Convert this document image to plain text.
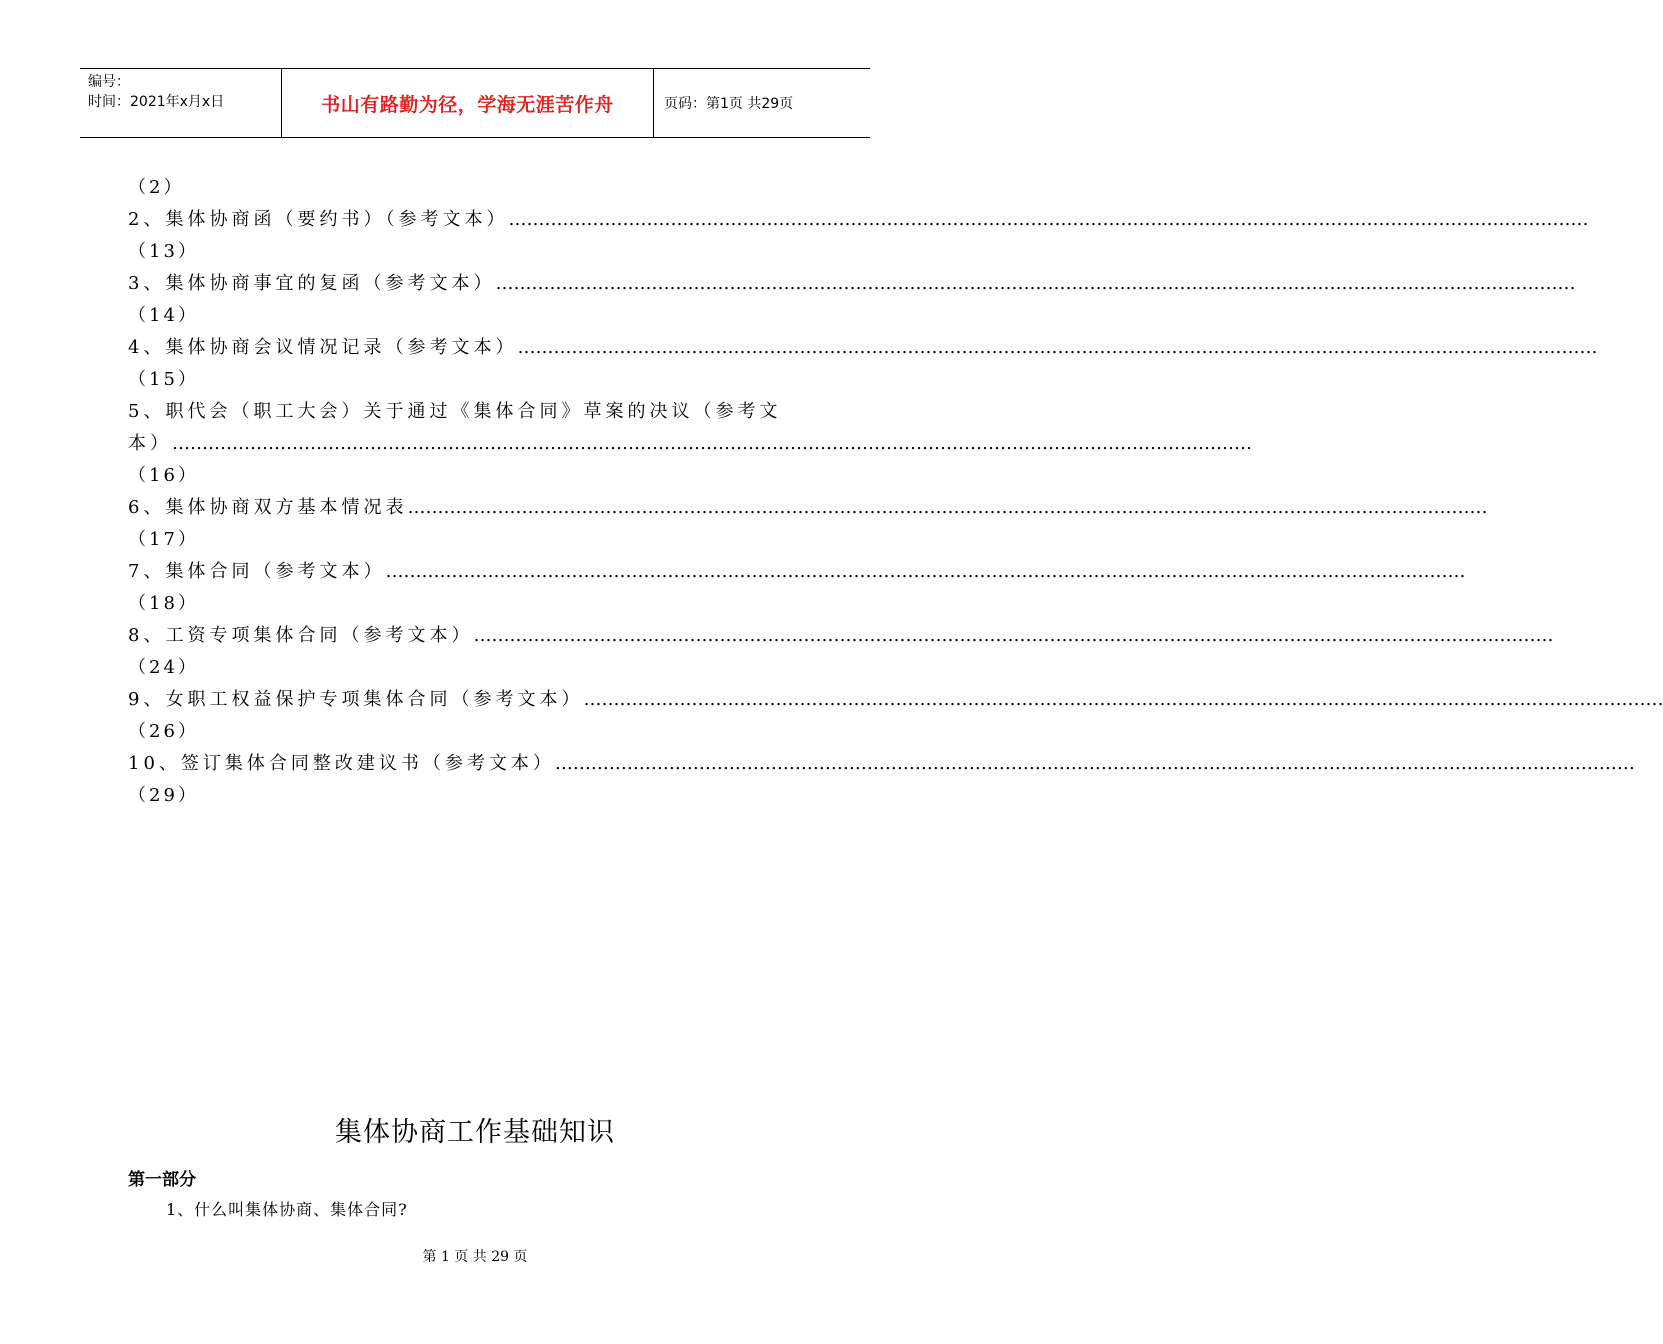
编号：
时间：2021年x月x日	书山有路勤为径，学海无涯苦作舟	页码：第1页 共29页
（2）
2、集体协商函（要约书）（参考文本） ………………………………………………………………………………………………………………………………………………………………
（13）
3、集体协商事宜的复函（参考文本） ………………………………………………………………………………………………………………………………………………………………
（14）
4、集体协商会议情况记录（参考文本） ………………………………………………………………………………………………………………………………………………………………
（15）
5、职代会（职工大会）关于通过《集体合同》草案的决议（参考文
本） ………………………………………………………………………………………………………………………………………………………………
（16）
6、集体协商双方基本情况表 ………………………………………………………………………………………………………………………………………………………………
（17）
7、集体合同（参考文本） ………………………………………………………………………………………………………………………………………………………………
（18）
8、工资专项集体合同（参考文本） ………………………………………………………………………………………………………………………………………………………………
（24）
9、女职工权益保护专项集体合同（参考文本） ………………………………………………………………………………………………………………………………………………………………
（26）
10、签订集体合同整改建议书（参考文本） ………………………………………………………………………………………………………………………………………………………………
（29）
集体协商工作基础知识
第一部分
1、什么叫集体协商、集体合同?
第 1 页 共 29 页
